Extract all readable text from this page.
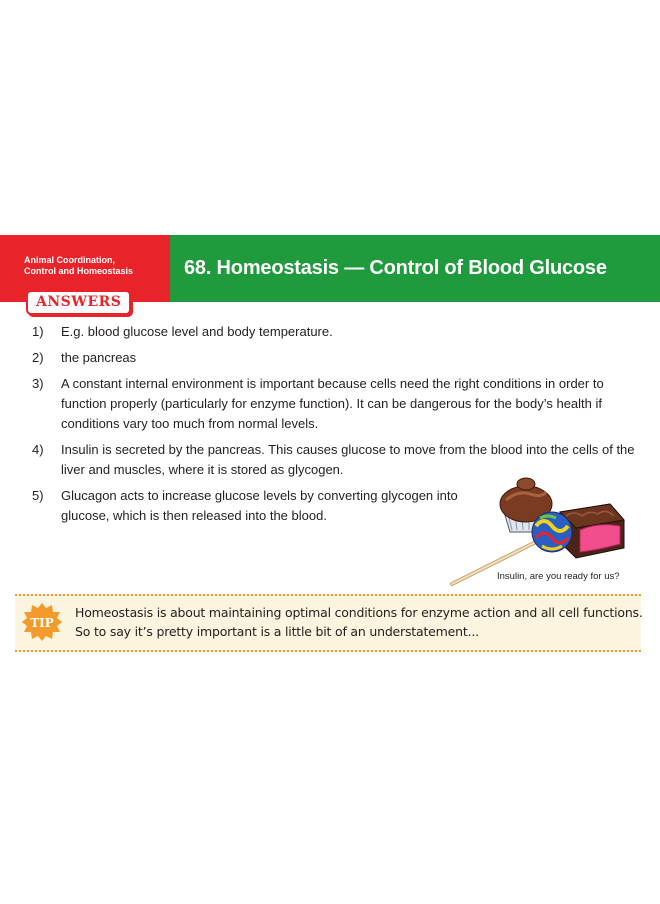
Animal Coordination,
Control and Homeostasis	68. Homeostasis — Control of Blood Glucose
ANSWERS
1) E.g. blood glucose level and body temperature.
2) the pancreas
3) A constant internal environment is important because cells need the right conditions in order to function properly (particularly for enzyme function). It can be dangerous for the body’s health if conditions vary too much from normal levels.
4) Insulin is secreted by the pancreas. This causes glucose to move from the blood into the cells of the liver and muscles, where it is stored as glycogen.
5) Glucagon acts to increase glucose levels by converting glycogen into glucose, which is then released into the blood.
Insulin, are you ready for us?
TIP
Homeostasis is about maintaining optimal conditions for enzyme action and all cell functions.
So to say it’s pretty important is a little bit of an understatement...
